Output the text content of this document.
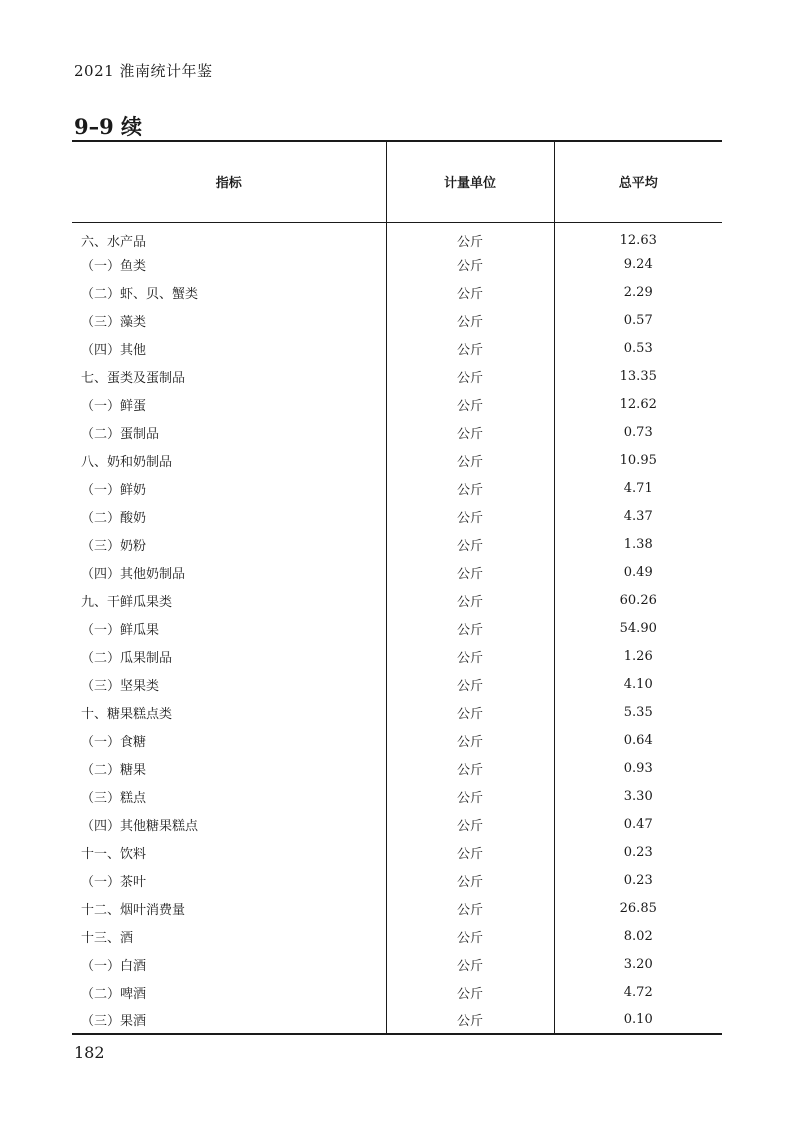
2021 淮南统计年鉴
9–9 续
指标	计量单位	总平均
六、水产品	公斤	12.63
（一）鱼类	公斤	9.24
（二）虾、贝、蟹类	公斤	2.29
（三）藻类	公斤	0.57
（四）其他	公斤	0.53
七、蛋类及蛋制品	公斤	13.35
（一）鲜蛋	公斤	12.62
（二）蛋制品	公斤	0.73
八、奶和奶制品	公斤	10.95
（一）鲜奶	公斤	4.71
（二）酸奶	公斤	4.37
（三）奶粉	公斤	1.38
（四）其他奶制品	公斤	0.49
九、干鲜瓜果类	公斤	60.26
（一）鲜瓜果	公斤	54.90
（二）瓜果制品	公斤	1.26
（三）坚果类	公斤	4.10
十、糖果糕点类	公斤	5.35
（一）食糖	公斤	0.64
（二）糖果	公斤	0.93
（三）糕点	公斤	3.30
（四）其他糖果糕点	公斤	0.47
十一、饮料	公斤	0.23
（一）茶叶	公斤	0.23
十二、烟叶消费量	公斤	26.85
十三、酒	公斤	8.02
（一）白酒	公斤	3.20
（二）啤酒	公斤	4.72
（三）果酒	公斤	0.10
182
